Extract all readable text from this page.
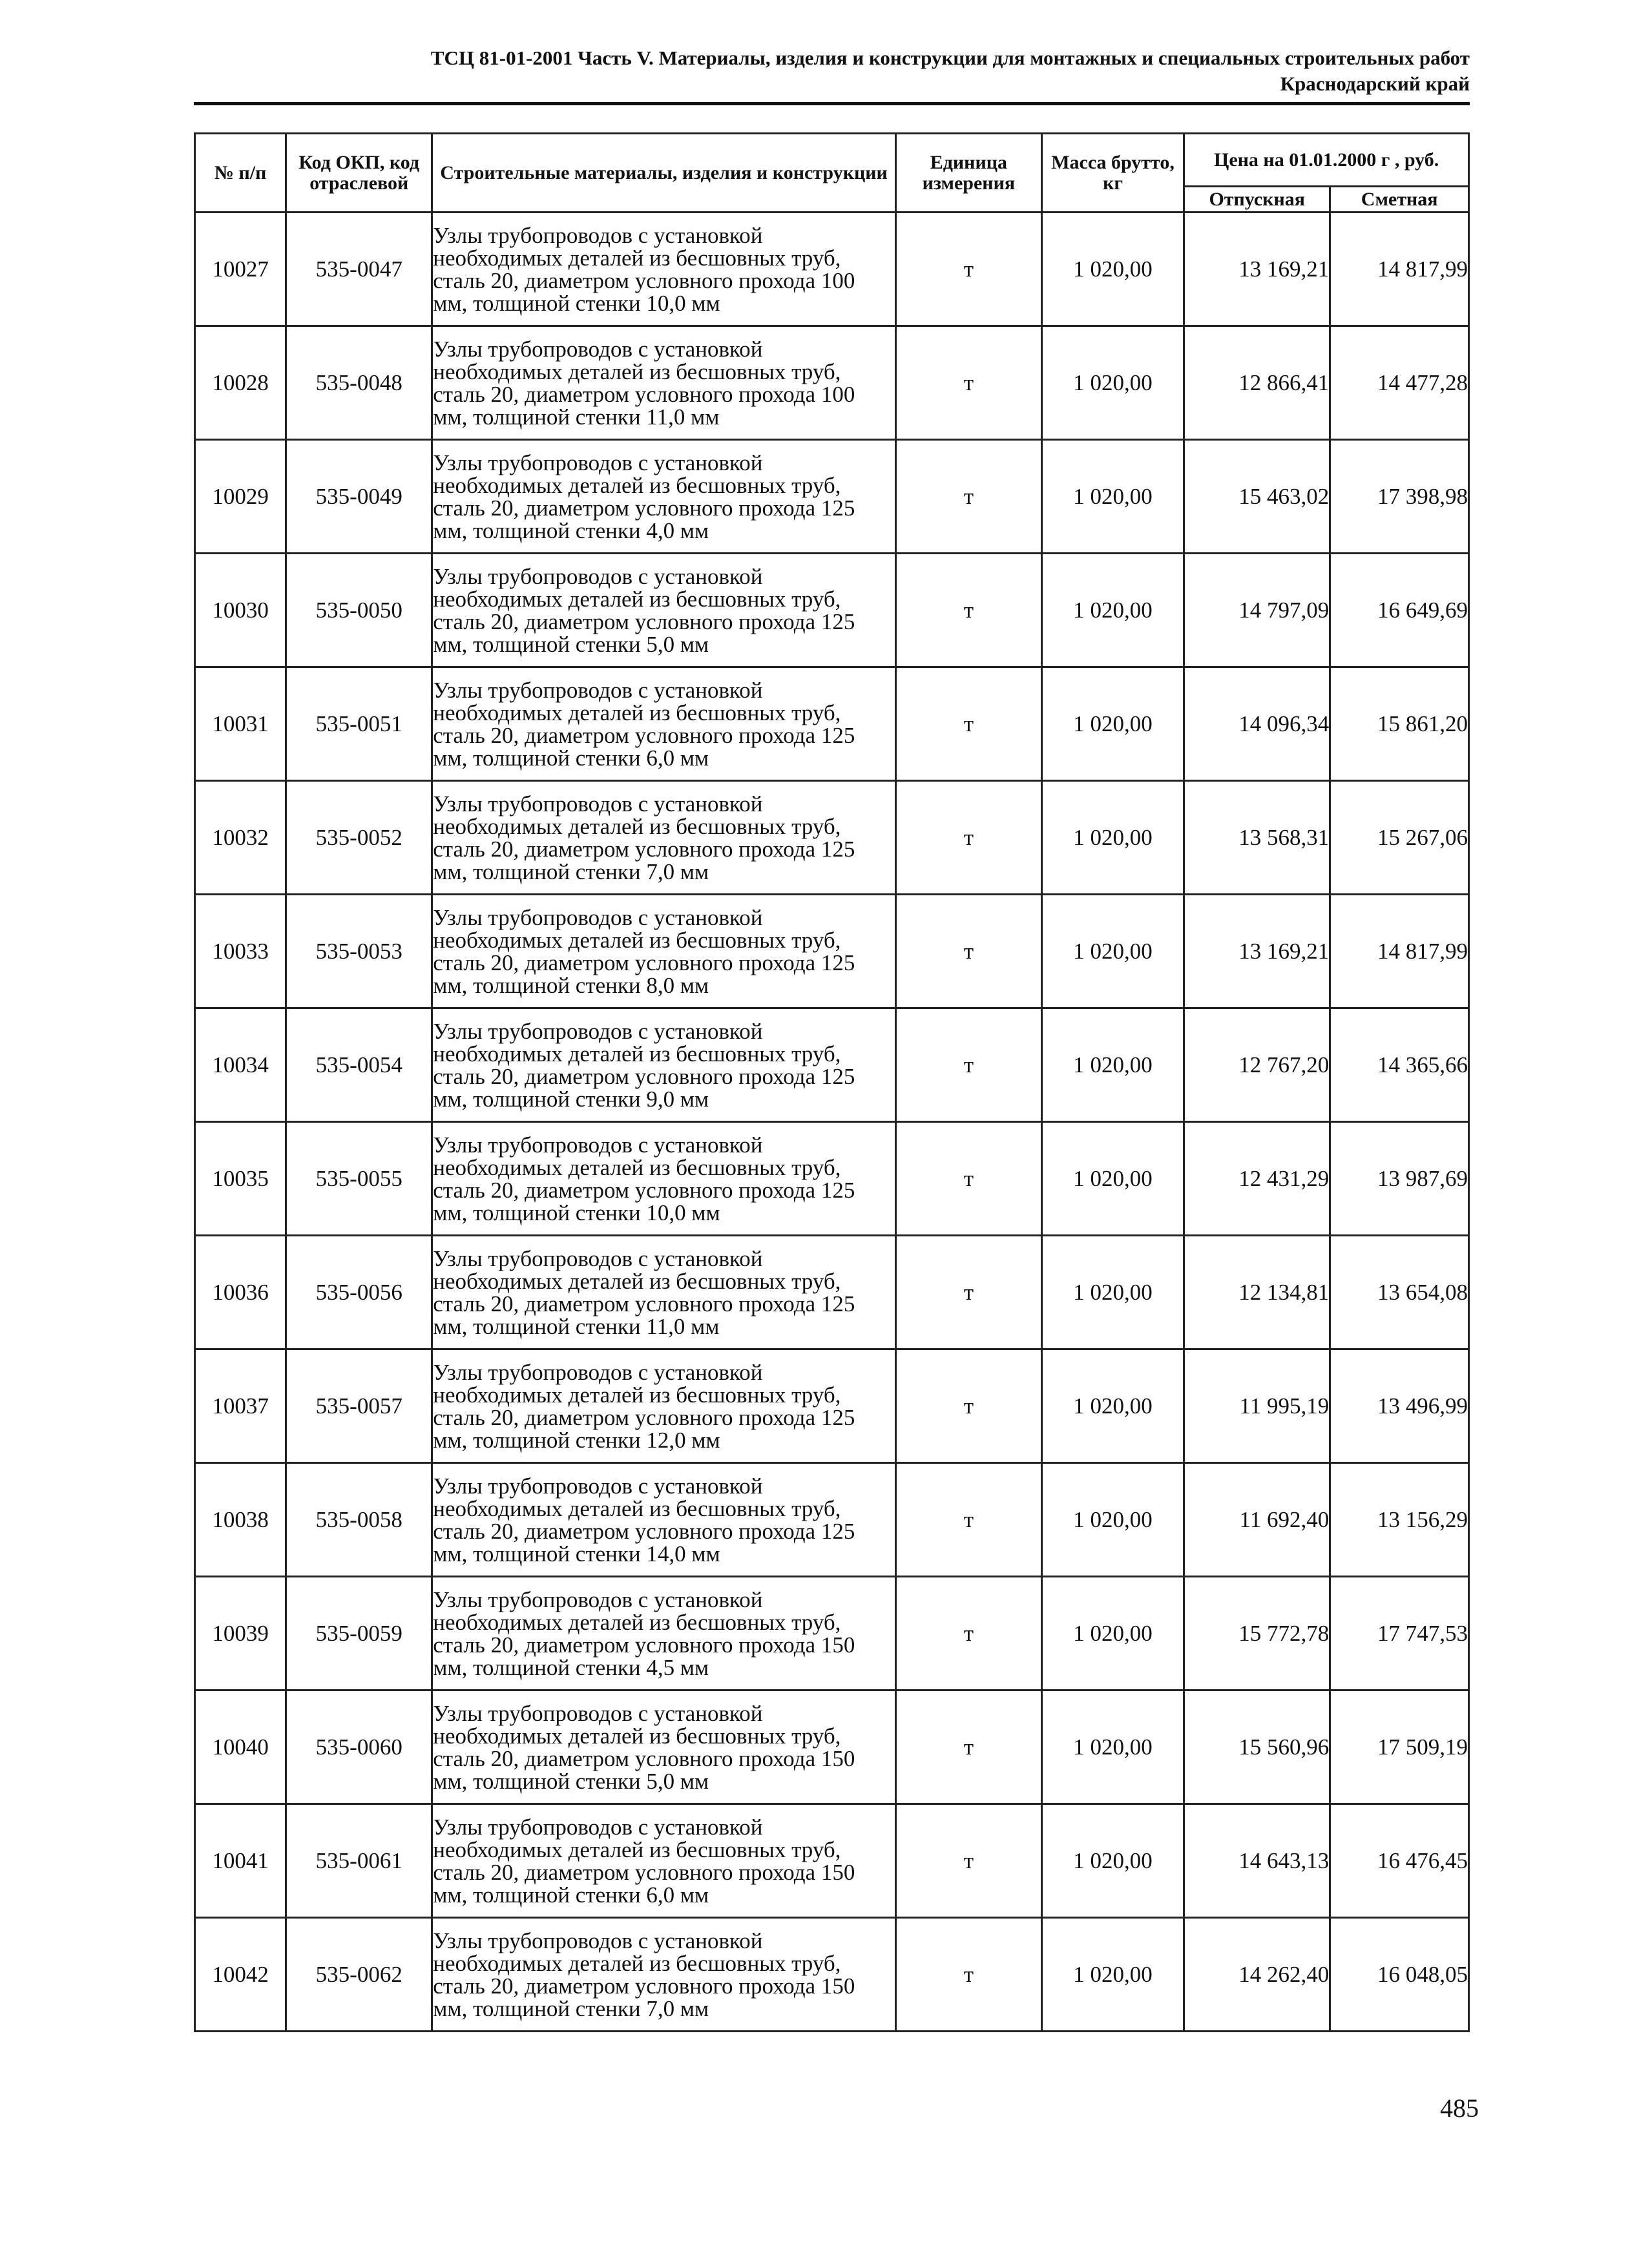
ТСЦ 81-01-2001 Часть V. Материалы, изделия и конструкции для монтажных и специальных строительных работ
Краснодарский край
№ п/п	Код ОКП, код отраслевой	Строительные материалы, изделия и конструкции	Единица измерения	Масса брутто, кг	Цена на 01.01.2000 г , руб.	
					Отпускная	Сметная
10027	535-0047	Узлы трубопроводов с установкой необходимых деталей из бесшовных труб, сталь 20, диаметром условного прохода 100 мм, толщиной стенки 10,0 мм	т	1 020,00	13 169,21	14 817,99
10028	535-0048	Узлы трубопроводов с установкой необходимых деталей из бесшовных труб, сталь 20, диаметром условного прохода 100 мм, толщиной стенки 11,0 мм	т	1 020,00	12 866,41	14 477,28
10029	535-0049	Узлы трубопроводов с установкой необходимых деталей из бесшовных труб, сталь 20, диаметром условного прохода 125 мм, толщиной стенки 4,0 мм	т	1 020,00	15 463,02	17 398,98
10030	535-0050	Узлы трубопроводов с установкой необходимых деталей из бесшовных труб, сталь 20, диаметром условного прохода 125 мм, толщиной стенки 5,0 мм	т	1 020,00	14 797,09	16 649,69
10031	535-0051	Узлы трубопроводов с установкой необходимых деталей из бесшовных труб, сталь 20, диаметром условного прохода 125 мм, толщиной стенки 6,0 мм	т	1 020,00	14 096,34	15 861,20
10032	535-0052	Узлы трубопроводов с установкой необходимых деталей из бесшовных труб, сталь 20, диаметром условного прохода 125 мм, толщиной стенки 7,0 мм	т	1 020,00	13 568,31	15 267,06
10033	535-0053	Узлы трубопроводов с установкой необходимых деталей из бесшовных труб, сталь 20, диаметром условного прохода 125 мм, толщиной стенки 8,0 мм	т	1 020,00	13 169,21	14 817,99
10034	535-0054	Узлы трубопроводов с установкой необходимых деталей из бесшовных труб, сталь 20, диаметром условного прохода 125 мм, толщиной стенки 9,0 мм	т	1 020,00	12 767,20	14 365,66
10035	535-0055	Узлы трубопроводов с установкой необходимых деталей из бесшовных труб, сталь 20, диаметром условного прохода 125 мм, толщиной стенки 10,0 мм	т	1 020,00	12 431,29	13 987,69
10036	535-0056	Узлы трубопроводов с установкой необходимых деталей из бесшовных труб, сталь 20, диаметром условного прохода 125 мм, толщиной стенки 11,0 мм	т	1 020,00	12 134,81	13 654,08
10037	535-0057	Узлы трубопроводов с установкой необходимых деталей из бесшовных труб, сталь 20, диаметром условного прохода 125 мм, толщиной стенки 12,0 мм	т	1 020,00	11 995,19	13 496,99
10038	535-0058	Узлы трубопроводов с установкой необходимых деталей из бесшовных труб, сталь 20, диаметром условного прохода 125 мм, толщиной стенки 14,0 мм	т	1 020,00	11 692,40	13 156,29
10039	535-0059	Узлы трубопроводов с установкой необходимых деталей из бесшовных труб, сталь 20, диаметром условного прохода 150 мм, толщиной стенки 4,5 мм	т	1 020,00	15 772,78	17 747,53
10040	535-0060	Узлы трубопроводов с установкой необходимых деталей из бесшовных труб, сталь 20, диаметром условного прохода 150 мм, толщиной стенки 5,0 мм	т	1 020,00	15 560,96	17 509,19
10041	535-0061	Узлы трубопроводов с установкой необходимых деталей из бесшовных труб, сталь 20, диаметром условного прохода 150 мм, толщиной стенки 6,0 мм	т	1 020,00	14 643,13	16 476,45
10042	535-0062	Узлы трубопроводов с установкой необходимых деталей из бесшовных труб, сталь 20, диаметром условного прохода 150 мм, толщиной стенки 7,0 мм	т	1 020,00	14 262,40	16 048,05
485
